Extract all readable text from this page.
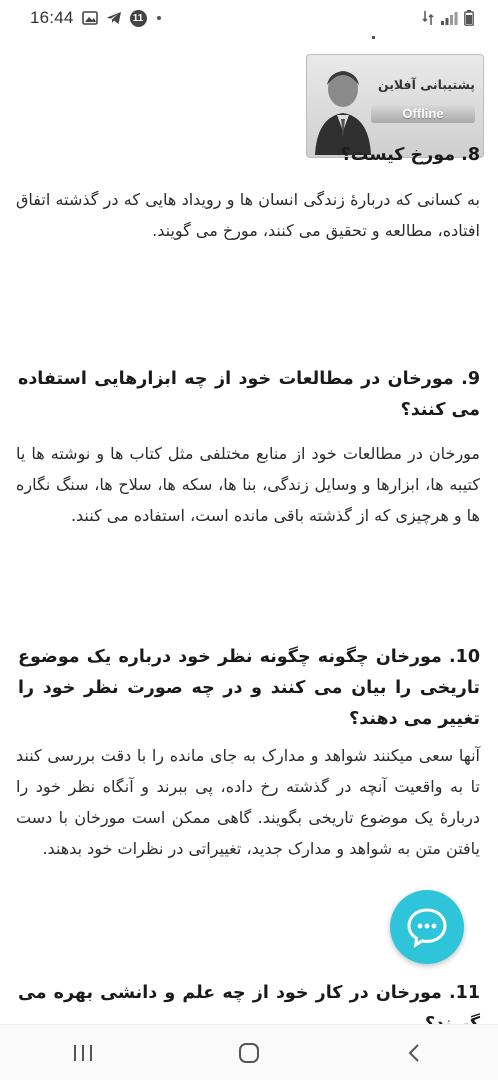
16:44	11
پشتیبانی آفلاین
Offline
8. مورخ کیست؟
به کسانی که دربارهٔ زندگی انسان ها و رویداد هایی که در گذشته اتفاق افتاده، مطالعه و تحقیق می کنند، مورخ می گویند.
9. مورخان در مطالعات خود از چه ابزارهایی استفاده می کنند؟
مورخان در مطالعات خود از منابع مختلفی مثل کتاب ها و نوشته ها یا کتیبه ها، ابزارها و وسایل زندگی، بنا ها، سکه ها، سلاح ها، سنگ نگاره ها و هرچیزی که از گذشته باقی مانده است، استفاده می کنند.
10. مورخان چگونه چگونه نظر خود درباره یک موضوع تاریخی را بیان می کنند و در چه صورت نظر خود را تغییر می دهند؟
آنها سعی میکنند شواهد و مدارک به جای مانده را با دقت بررسی کنند تا به واقعیت آنچه در گذشته رخ داده، پی ببرند و آنگاه نظر خود را دربارهٔ یک موضوع تاریخی بگویند. گاهی ممکن است مورخان با دست یافتن متن به شواهد و مدارک جدید، تغییراتی در نظرات خود بدهند.
11. مورخان در کار خود از چه علم و دانشی بهره می
